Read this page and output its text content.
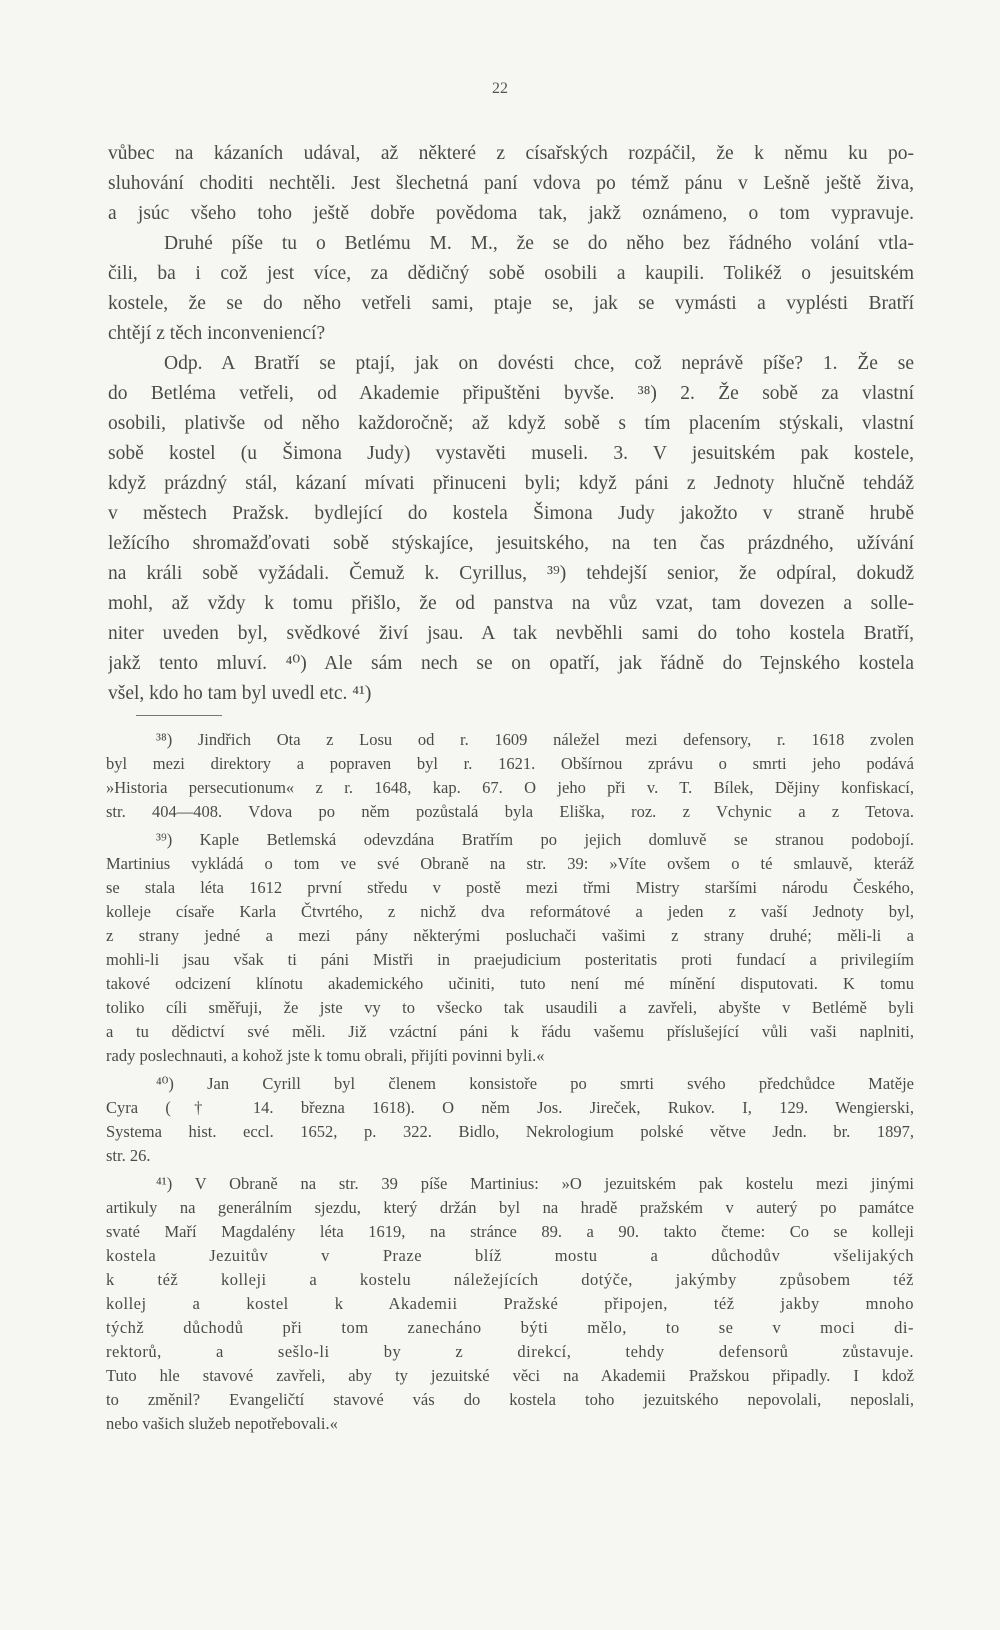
22
vůbec na kázaních udával, až některé z císařských rozpáčil, že k němu ku po-
sluhování choditi nechtěli. Jest šlechetná paní vdova po témž pánu v Lešně ještě živa,
a jsúc všeho toho ještě dobře povědoma tak, jakž oznámeno, o tom vypravuje.
Druhé píše tu o Betlému M. M., že se do něho bez řádného volání vtla-
čili, ba i což jest více, za dědičný sobě osobili a kaupili. Tolikéž o jesuitském
kostele, že se do něho vetřeli sami, ptaje se, jak se vymásti a vyplésti Bratří
chtějí z těch inconveniencí?
Odp. A Bratří se ptají, jak on dovésti chce, což neprávě píše? 1. Že se
do Betléma vetřeli, od Akademie připuštěni byvše. ³⁸) 2. Že sobě za vlastní
osobili, plativše od něho každoročně; až když sobě s tím placením stýskali, vlastní
sobě kostel (u Šimona Judy) vystavěti museli. 3. V jesuitském pak kostele,
když prázdný stál, kázaní mívati přinuceni byli; když páni z Jednoty hlučně tehdáž
v městech Pražsk. bydlející do kostela Šimona Judy jakožto v straně hrubě
ležícího shromažďovati sobě stýskajíce, jesuitského, na ten čas prázdného, užívání
na králi sobě vyžádali. Čemuž k. Cyrillus, ³⁹) tehdejší senior, že odpíral, dokudž
mohl, až vždy k tomu přišlo, že od panstva na vůz vzat, tam dovezen a solle-
niter uveden byl, svědkové živí jsau. A tak nevběhli sami do toho kostela Bratří,
jakž tento mluví. ⁴⁰) Ale sám nech se on opatří, jak řádně do Tejnského kostela
všel, kdo ho tam byl uvedl etc. ⁴¹)
³⁸) Jindřich Ota z Losu od r. 1609 náležel mezi defensory, r. 1618 zvolen
byl mezi direktory a popraven byl r. 1621. Obšírnou zprávu o smrti jeho podává
»Historia persecutionum« z r. 1648, kap. 67. O jeho při v. T. Bílek, Dějiny konfiskací,
str. 404—408. Vdova po něm pozůstalá byla Eliška, roz. z Vchynic a z Tetova.
³⁹) Kaple Betlemská odevzdána Bratřím po jejich domluvě se stranou podobojí.
Martinius vykládá o tom ve své Obraně na str. 39: »Víte ovšem o té smlauvě, kteráž
se stala léta 1612 první středu v postě mezi třmi Mistry staršími národu Českého,
kolleje císaře Karla Čtvrtého, z nichž dva reformátové a jeden z vaší Jednoty byl,
z strany jedné a mezi pány některými posluchači vašimi z strany druhé; měli-li a
mohli-li jsau však ti páni Mistři in praejudicium posteritatis proti fundací a privilegiím
takové odcizení klínotu akademického učiniti, tuto není mé mínění disputovati. K tomu
toliko cíli směřuji, že jste vy to všecko tak usaudili a zavřeli, abyšte v Betlémě byli
a tu dědictví své měli. Již vzáctní páni k řádu vašemu příslušející vůli vaši naplniti,
rady poslechnauti, a kohož jste k tomu obrali, přijíti povinni byli.«
⁴⁰) Jan Cyrill byl členem konsistoře po smrti svého předchůdce Matěje
Cyra († 14. března 1618). O něm Jos. Jireček, Rukov. I, 129. Wengierski,
Systema hist. eccl. 1652, p. 322. Bidlo, Nekrologium polské větve Jedn. br. 1897,
str. 26.
⁴¹) V Obraně na str. 39 píše Martinius: »O jezuitském pak kostelu mezi jinými
artikuly na generálním sjezdu, který držán byl na hradě pražském v auterý po památce
svaté Maří Magdalény léta 1619, na stránce 89. a 90. takto čteme: Co se kolleji
kostela Jezuitův v Praze blíž mostu a důchodův všelijakých
k též kolleji a kostelu náležejících dotýče, jakýmby způsobem též
kollej a kostel k Akademii Pražské připojen, též jakby mnoho
týchž důchodů při tom zanecháno býti mělo, to se v moci di-
rektorů, a sešlo-li by z direkcí, tehdy defensorů zůstavuje.
Tuto hle stavové zavřeli, aby ty jezuitské věci na Akademii Pražskou připadly. I kdož
to změnil? Evangeličtí stavové vás do kostela toho jezuitského nepovolali, neposlali,
nebo vašich služeb nepotřebovali.«
